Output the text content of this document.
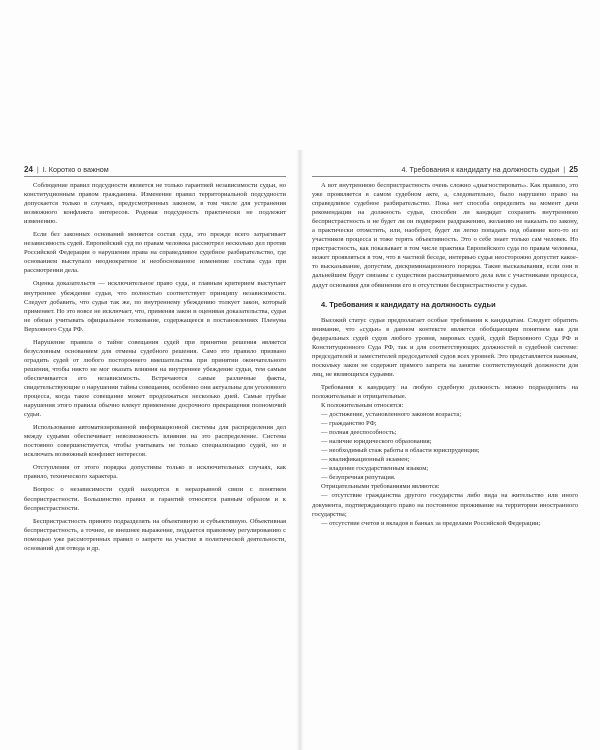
24 | I. Коротко о важном

Соблюдение правил подсудности является не только гарантией независимости судьи, но конституционным правом гражданина. Изменение правил территориальной подсудности допускается только в случаях, предусмотренных законом, в том числе для устранения возможного конфликта интересов. Родовая подсудность практически не подлежит изменению.

Если без законных оснований меняется состав суда, это прежде всего затрагивает независимость судей. Европейский суд по правам человека рассмотрел несколько дел против Российской Федерации о нарушении права на справедливое судебное разбирательство, где основанием выступало неоднократное и необоснованное изменение состава суда при рассмотрении дела.

Оценка доказательств — исключительное право суда, и главным критерием выступает внутреннее убеждение судьи, что полностью соответствует принципу независимости. Следует добавить, что судья так же, по внутреннему убеждению толкует закон, который применяет. Но это вовсе не исключает, что, применяя закон и оценивая доказательства, судья не обязан учитывать официальное толкование, содержащееся в постановлениях Пленума Верховного Суда РФ.

Нарушение правила о тайне совещания судей при принятии решения является безусловным основанием для отмены судебного решения. Само это правило призвано оградить судей от любого постороннего вмешательства при принятии окончательного решения, чтобы никто не мог оказать влияния на внутреннее убеждение судьи, тем самым обеспечивается его независимость. Встречаются самые различные факты, свидетельствующие о нарушении тайны совещания, особенно они актуальны для уголовного процесса, когда такое совещание может продолжаться несколько дней. Самые грубые нарушения этого правила обычно влекут применение досрочного прекращения полномочий судьи.

Использование автоматизированной информационной системы для распределения дел между судьями обеспечивает невозможность влияния на это распределение. Система постоянно совершенствуется, чтобы учитывать не только специализацию судей, но и исключать возможный конфликт интересов.

Отступления от этого порядка допустимы только в исключительных случаях, как правило, технического характера.

Вопрос о независимости судей находится в неразрывной связи с понятием беспристрастности. Большинство правил и гарантий относятся равным образом и к беспристрастности.

Беспристрастность принято подразделять на объективную и субъективную. Объективная беспристрастность, а точнее, ее внешнее выражение, поддается правовому регулированию с помощью уже рассмотренных правил о запрете на участие в политической деятельности, оснований для отвода и др.

4. Требования к кандидату на должность судьи | 25

А вот внутреннюю беспристрастность очень сложно «диагностировать». Как правило, это уже проявляется в самом судебном акте, а, следовательно, было нарушено право на справедливое судебное разбирательство. Пока нет способа определить на момент дачи рекомендации на должность судьи, способен ли кандидат сохранять внутреннюю беспристрастность и не будет ли он подвержен раздражению, желанию не наказать по закону, а практически отомстить, или, наоборот, будет ли легко попадать под обаяние кого-то из участников процесса и тоже терять объективность. Это о себе знает только сам человек. Но пристрастность, как показывает в том числе практика Европейского суда по правам человека, может проявляться в том, что в частной беседе, интервью судья неосторожно допустит какое-то высказывание, допустим, дискриминационного порядка. Такие высказывания, если они в дальнейшем будут связаны с существом рассматриваемого дела или с участниками процесса, дадут основания для обвинения его в отсутствии беспристрастности у судьи.

4. Требования к кандидату на должность судьи

Высокий статус судьи предполагает особые требования к кандидатам. Следует обратить внимание, что «судьи» в данном контексте является обобщающим понятием как для федеральных судей судов любого уровня, мировых судей, судей Верховного Суда РФ и Конституционного Суда РФ, так и для соответствующих должностей в судебной системе: председателей и заместителей председателей судов всех уровней. Это представляется важным, поскольку закон не содержит прямого запрета на занятие соответствующей должности для лиц, не являющихся судьями.

Требования к кандидату на любую судебную должность можно подразделить на положительные и отрицательные.

К положительным относятся:

— достижение, установленного законом возраста;

— гражданство РФ;

— полная дееспособность;

— наличие юридического образования;

— необходимый стаж работы в области юриспруденции;

— квалификационный экзамен;

— владение государственным языком;

— безупречная репутация.

Отрицательными требованиями являются:

— отсутствие гражданства другого государства либо вида на жительство или иного документа, подтверждающего право на постоянное проживание на территории иностранного государства;

— отсутствие счетов и вкладов в банках за пределами Российской Федерации;
